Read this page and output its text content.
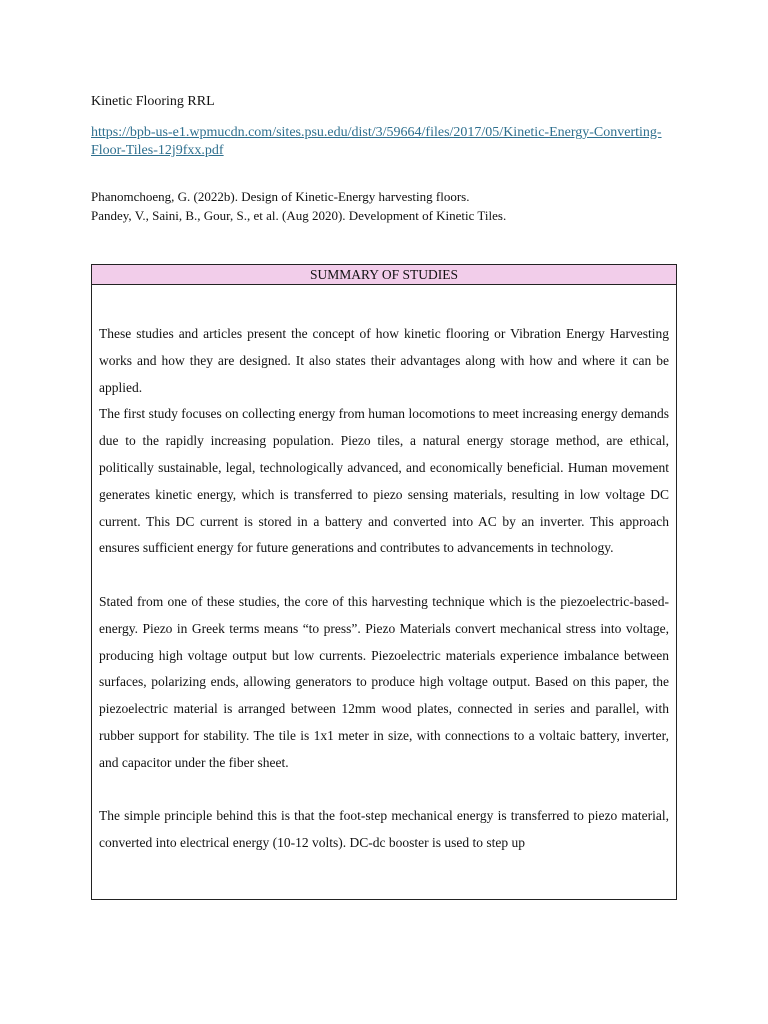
Kinetic Flooring RRL
https://bpb-us-e1.wpmucdn.com/sites.psu.edu/dist/3/59664/files/2017/05/Kinetic-Energy-Converting-Floor-Tiles-12j9fxx.pdf
Phanomchoeng, G. (2022b). Design of Kinetic-Energy harvesting floors.
Pandey, V., Saini, B., Gour, S., et al. (Aug 2020). Development of Kinetic Tiles.
SUMMARY OF STUDIES

These studies and articles present the concept of how kinetic flooring or Vibration Energy Harvesting works and how they are designed. It also states their advantages along with how and where it can be applied.

The first study focuses on collecting energy from human locomotions to meet increasing energy demands due to the rapidly increasing population. Piezo tiles, a natural energy storage method, are ethical, politically sustainable, legal, technologically advanced, and economically beneficial. Human movement generates kinetic energy, which is transferred to piezo sensing materials, resulting in low voltage DC current. This DC current is stored in a battery and converted into AC by an inverter. This approach ensures sufficient energy for future generations and contributes to advancements in technology.

Stated from one of these studies, the core of this harvesting technique which is the piezoelectric-based-energy. Piezo in Greek terms means “to press”. Piezo Materials convert mechanical stress into voltage, producing high voltage output but low currents. Piezoelectric materials experience imbalance between surfaces, polarizing ends, allowing generators to produce high voltage output. Based on this paper, the piezoelectric material is arranged between 12mm wood plates, connected in series and parallel, with rubber support for stability. The tile is 1x1 meter in size, with connections to a voltaic battery, inverter, and capacitor under the fiber sheet.

The simple principle behind this is that the foot-step mechanical energy is transferred to piezo material, converted into electrical energy (10-12 volts). DC-dc booster is used to step up
